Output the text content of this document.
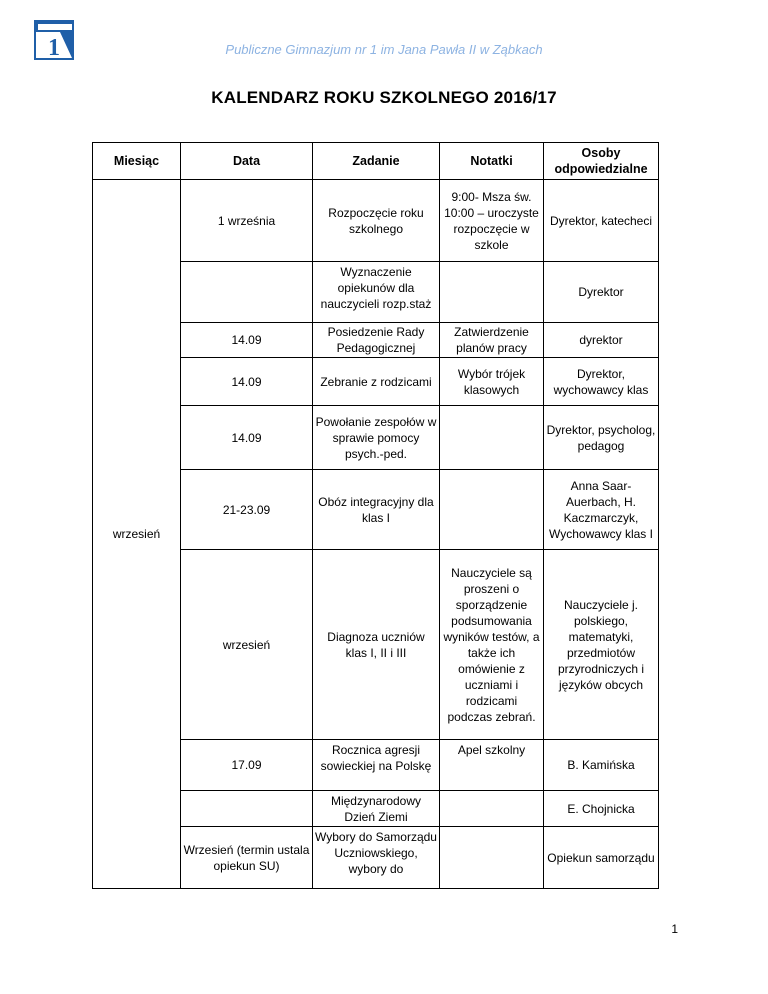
1	Publiczne Gimnazjum nr 1 im Jana Pawła II w Ząbkach
KALENDARZ ROKU SZKOLNEGO 2016/17
Miesiąc	Data	Zadanie	Notatki	Osoby odpowiedzialne
wrzesień	1 września	Rozpoczęcie roku szkolnego	9:00- Msza św. 10:00 – uroczyste rozpoczęcie w szkole	Dyrektor, katecheci
		Wyznaczenie opiekunów dla nauczycieli rozp.staż		Dyrektor
	14.09	Posiedzenie Rady Pedagogicznej	Zatwierdzenie planów pracy	dyrektor
	14.09	Zebranie z rodzicami	Wybór trójek klasowych	Dyrektor, wychowawcy klas
	14.09	Powołanie zespołów w sprawie pomocy psych.-ped.		Dyrektor, psycholog, pedagog
	21-23.09	Obóz integracyjny dla klas I		Anna Saar-Auerbach, H. Kaczmarczyk, Wychowawcy klas I
	wrzesień	Diagnoza uczniów klas I, II i III	Nauczyciele są proszeni o sporządzenie podsumowania wyników testów, a także ich omówienie z uczniami i rodzicami podczas zebrań.	Nauczyciele j. polskiego, matematyki, przedmiotów przyrodniczych i języków obcych
	17.09	Rocznica agresji sowieckiej na Polskę	Apel szkolny	B. Kamińska
		Międzynarodowy Dzień Ziemi		E. Chojnicka
	Wrzesień (termin ustala opiekun SU)	Wybory do Samorządu Uczniowskiego, wybory do		Opiekun samorządu
1
